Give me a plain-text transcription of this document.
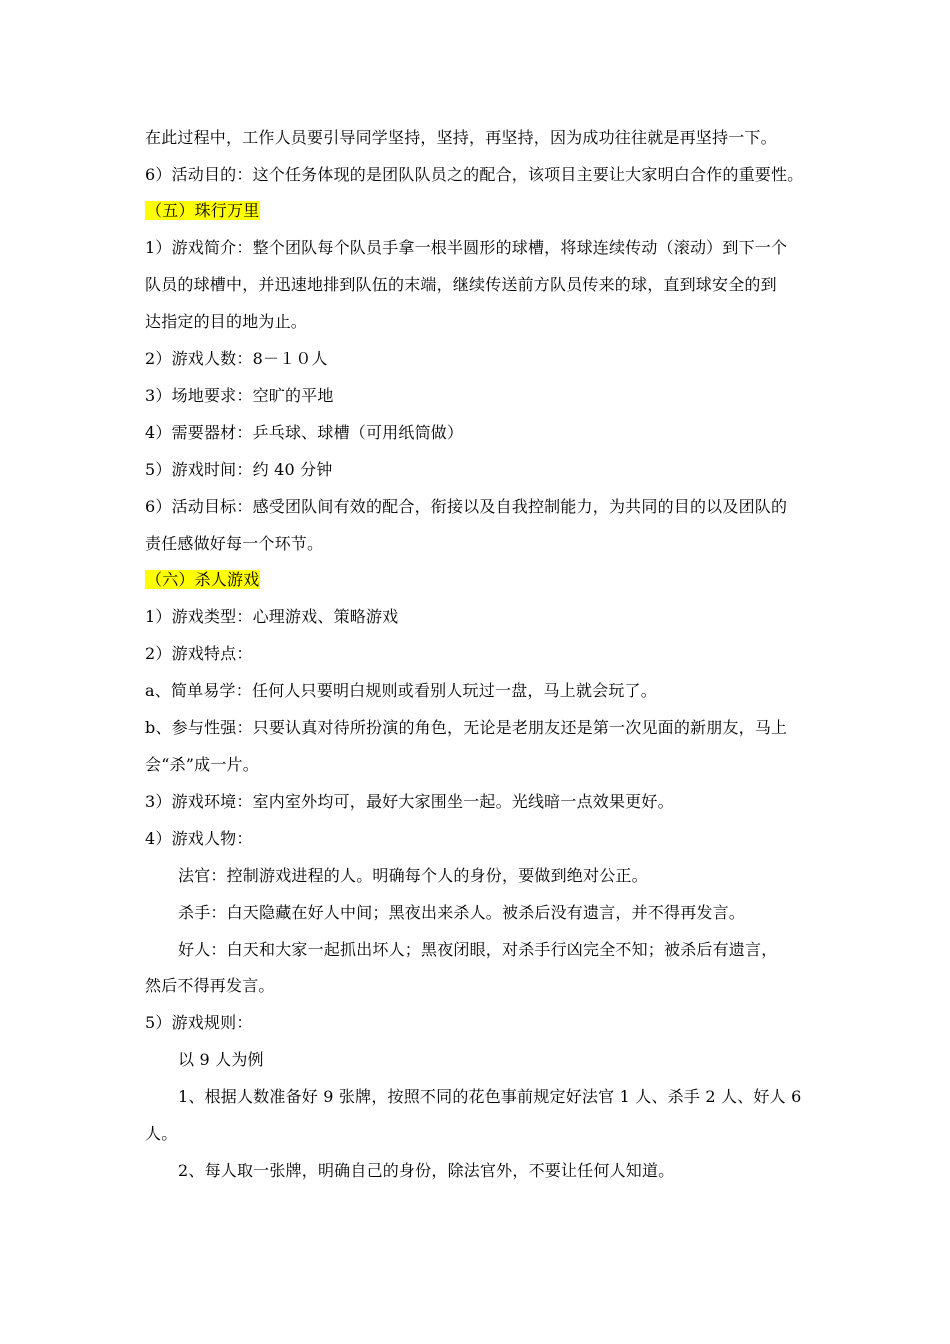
在此过程中，工作人员要引导同学坚持，坚持，再坚持，因为成功往往就是再坚持一下。
6）活动目的：这个任务体现的是团队队员之的配合，该项目主要让大家明白合作的重要性。
（五）珠行万里
1）游戏简介：整个团队每个队员手拿一根半圆形的球槽，将球连续传动（滚动）到下一个
队员的球槽中，并迅速地排到队伍的末端，继续传送前方队员传来的球，直到球安全的到
达指定的目的地为止。
2）游戏人数：8－１０人
3）场地要求：空旷的平地
4）需要器材：乒乓球、球槽（可用纸筒做）
5）游戏时间：约 40 分钟
6）活动目标：感受团队间有效的配合，衔接以及自我控制能力，为共同的目的以及团队的
责任感做好每一个环节。
（六）杀人游戏
1）游戏类型：心理游戏、策略游戏
2）游戏特点：
a、简单易学：任何人只要明白规则或看别人玩过一盘，马上就会玩了。
b、参与性强：只要认真对待所扮演的角色，无论是老朋友还是第一次见面的新朋友，马上
会“杀”成一片。
3）游戏环境：室内室外均可，最好大家围坐一起。光线暗一点效果更好。
4）游戏人物：
法官：控制游戏进程的人。明确每个人的身份，要做到绝对公正。
杀手：白天隐藏在好人中间；黑夜出来杀人。被杀后没有遗言，并不得再发言。
好人：白天和大家一起抓出坏人；黑夜闭眼，对杀手行凶完全不知；被杀后有遗言，
然后不得再发言。
5）游戏规则：
以 9 人为例
1、根据人数准备好 9 张牌，按照不同的花色事前规定好法官 1 人、杀手 2 人、好人 6
人。
2、每人取一张牌，明确自己的身份，除法官外，不要让任何人知道。
